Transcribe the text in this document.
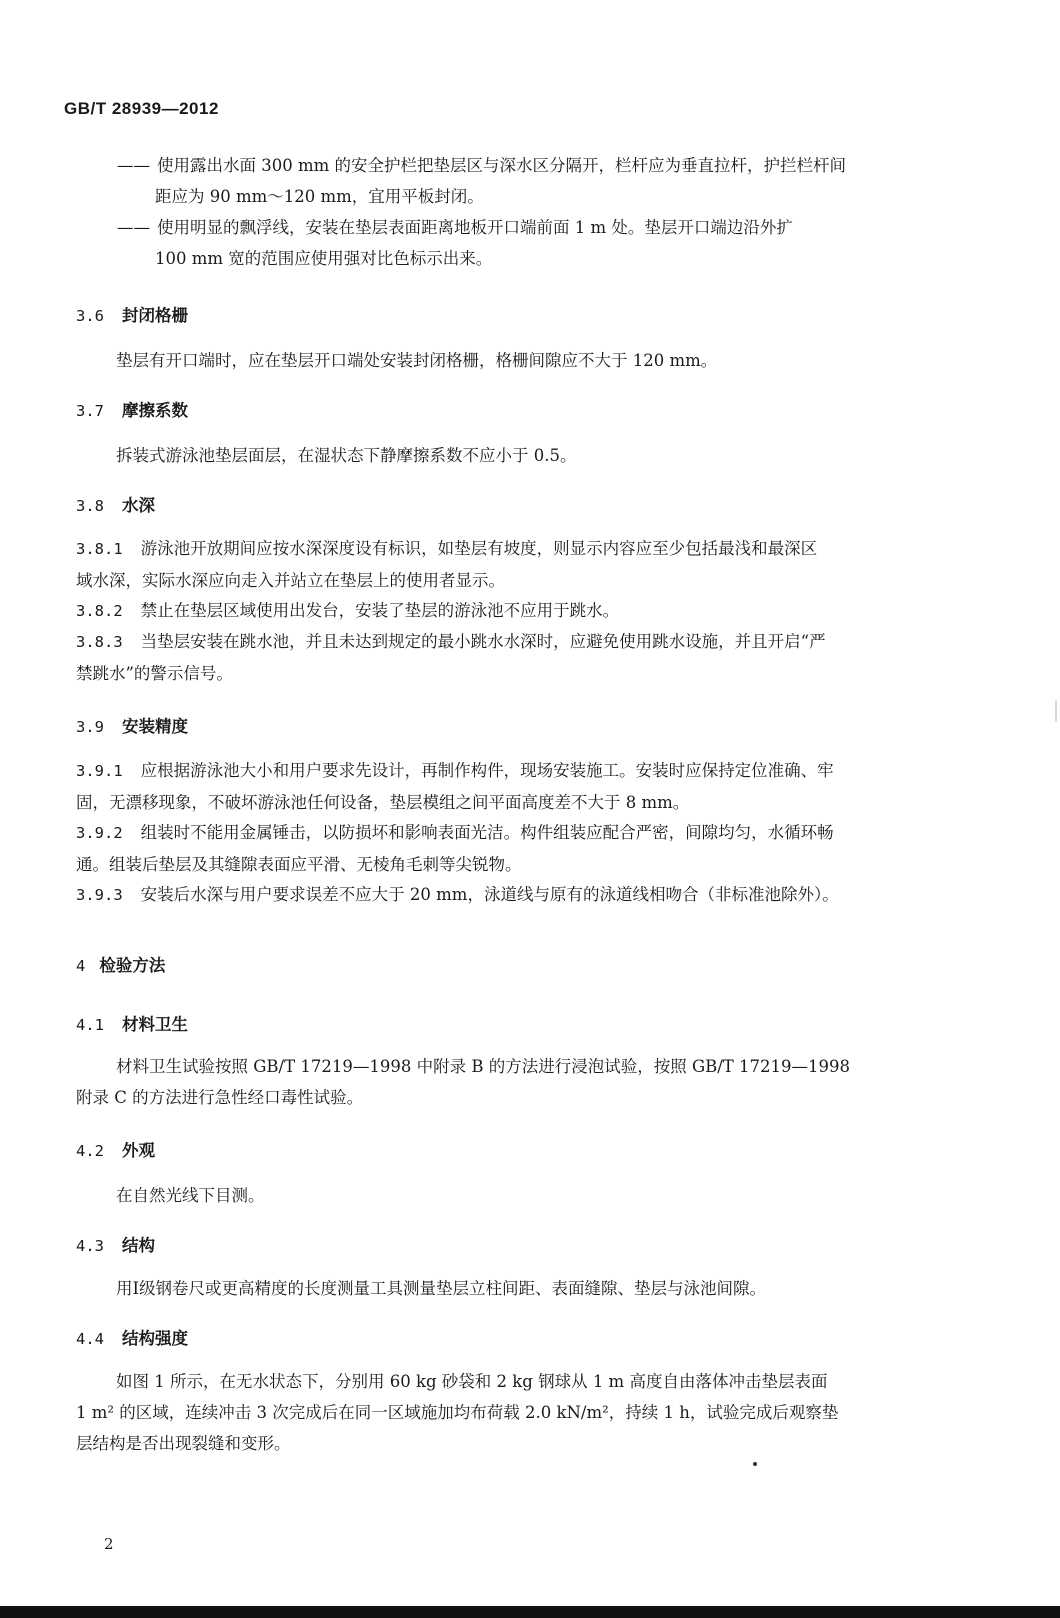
GB/T 28939—2012
—— 使用露出水面 300 mm 的安全护栏把垫层区与深水区分隔开，栏杆应为垂直拉杆，护拦栏杆间
距应为 90 mm～120 mm，宜用平板封闭。
—— 使用明显的飘浮线，安装在垫层表面距离地板开口端前面 1 m 处。垫层开口端边沿外扩
100 mm 宽的范围应使用强对比色标示出来。
3.6 封闭格栅
垫层有开口端时，应在垫层开口端处安装封闭格栅，格栅间隙应不大于 120 mm。
3.7 摩擦系数
拆装式游泳池垫层面层，在湿状态下静摩擦系数不应小于 0.5。
3.8 水深
3.8.1 游泳池开放期间应按水深深度设有标识，如垫层有坡度，则显示内容应至少包括最浅和最深区
域水深，实际水深应向走入并站立在垫层上的使用者显示。
3.8.2 禁止在垫层区域使用出发台，安装了垫层的游泳池不应用于跳水。
3.8.3 当垫层安装在跳水池，并且未达到规定的最小跳水水深时，应避免使用跳水设施，并且开启“严
禁跳水”的警示信号。
3.9 安装精度
3.9.1 应根据游泳池大小和用户要求先设计，再制作构件，现场安装施工。安装时应保持定位准确、牢
固，无漂移现象，不破坏游泳池任何设备，垫层模组之间平面高度差不大于 8 mm。
3.9.2 组装时不能用金属锤击，以防损坏和影响表面光洁。构件组装应配合严密，间隙均匀，水循环畅
通。组装后垫层及其缝隙表面应平滑、无棱角毛刺等尖锐物。
3.9.3 安装后水深与用户要求误差不应大于 20 mm，泳道线与原有的泳道线相吻合（非标准池除外）。
4 检验方法
4.1 材料卫生
材料卫生试验按照 GB/T 17219—1998 中附录 B 的方法进行浸泡试验，按照 GB/T 17219—1998
附录 C 的方法进行急性经口毒性试验。
4.2 外观
在自然光线下目测。
4.3 结构
用Ⅰ级钢卷尺或更高精度的长度测量工具测量垫层立柱间距、表面缝隙、垫层与泳池间隙。
4.4 结构强度
如图 1 所示，在无水状态下，分别用 60 kg 砂袋和 2 kg 钢球从 1 m 高度自由落体冲击垫层表面
1 m² 的区域，连续冲击 3 次完成后在同一区域施加均布荷载 2.0 kN/m²，持续 1 h，试验完成后观察垫
层结构是否出现裂缝和变形。
2
